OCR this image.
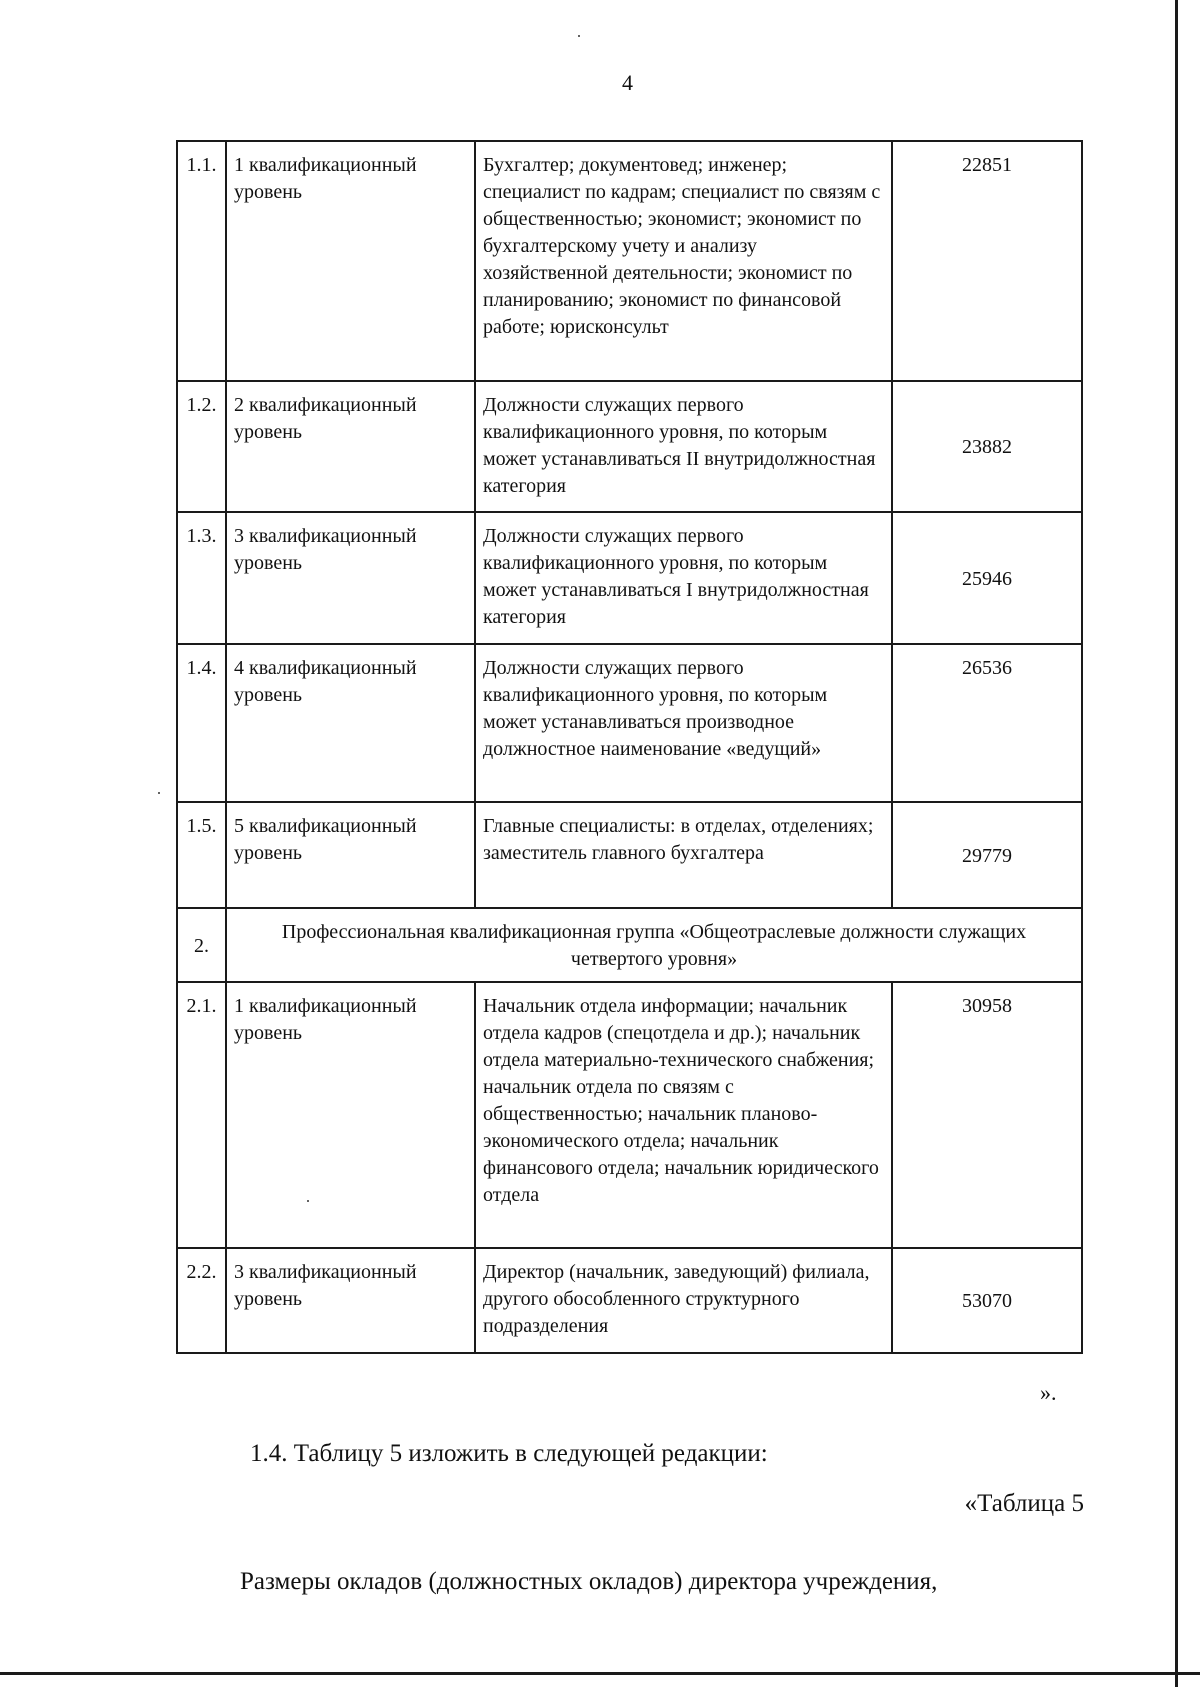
4
1.1.	1 квалификационный уровень	Бухгалтер; документовед; инженер; специалист по кадрам; специалист по связям с общественностью; экономист; экономист по бухгалтерскому учету и анализу хозяйственной деятельности; экономист по планированию; экономист по финансовой работе; юрисконсульт	22851
1.2.	2 квалификационный уровень	Должности служащих первого квалификационного уровня, по которым может устанавливаться II внутридолжностная категория	23882
1.3.	3 квалификационный уровень	Должности служащих первого квалификационного уровня, по которым может устанавливаться I внутридолжностная категория	25946
1.4.	4 квалификационный уровень	Должности служащих первого квалификационного уровня, по которым может устанавливаться производное должностное наименование «ведущий»	26536
1.5.	5 квалификационный уровень	Главные специалисты: в отделах, отделениях; заместитель главного бухгалтера	29779
2.	Профессиональная квалификационная группа «Общеотраслевые должности служащих четвертого уровня»		
2.1.	1 квалификационный уровень	Начальник отдела информации; начальник отдела кадров (спецотдела и др.); начальник отдела материально-технического снабжения; начальник отдела по связям с общественностью; начальник планово-экономического отдела; начальник финансового отдела; начальник юридического отдела	30958
2.2.	3 квалификационный уровень	Директор (начальник, заведующий) филиала, другого обособленного структурного подразделения	53070
».
1.4. Таблицу 5 изложить в следующей редакции:
«Таблица 5
Размеры окладов (должностных окладов) директора учреждения,
